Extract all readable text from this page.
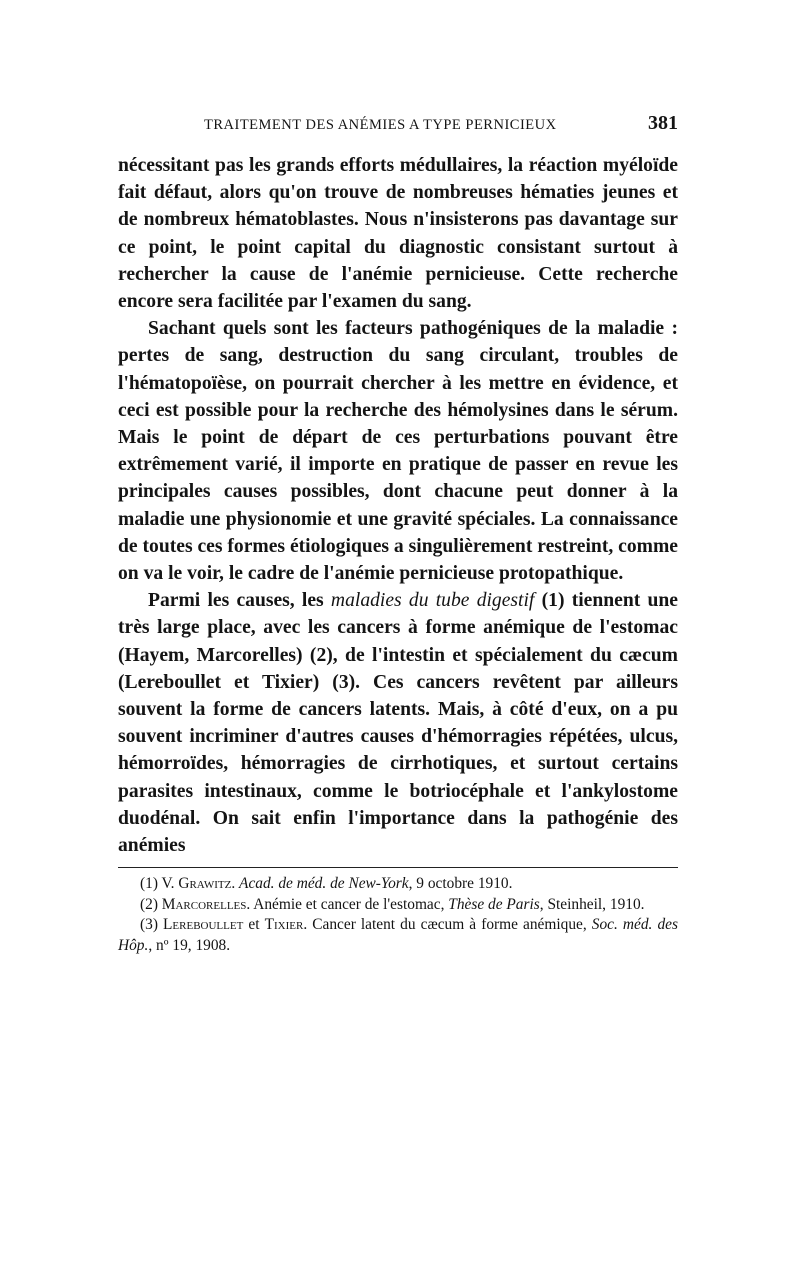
TRAITEMENT DES ANÉMIES A TYPE PERNICIEUX	381

nécessitant pas les grands efforts médullaires, la réaction myéloïde fait défaut, alors qu'on trouve de nombreuses hématies jeunes et de nombreux hématoblastes. Nous n'insisterons pas davantage sur ce point, le point capital du diagnostic consistant surtout à rechercher la cause de l'anémie pernicieuse. Cette recherche encore sera facilitée par l'examen du sang.

Sachant quels sont les facteurs pathogéniques de la maladie : pertes de sang, destruction du sang circulant, troubles de l'hématopoïèse, on pourrait chercher à les mettre en évidence, et ceci est possible pour la recherche des hémolysines dans le sérum. Mais le point de départ de ces perturbations pouvant être extrêmement varié, il importe en pratique de passer en revue les principales causes possibles, dont chacune peut donner à la maladie une physionomie et une gravité spéciales. La connaissance de toutes ces formes étiologiques a singulièrement restreint, comme on va le voir, le cadre de l'anémie pernicieuse protopathique.

Parmi les causes, les maladies du tube digestif (1) tiennent une très large place, avec les cancers à forme anémique de l'estomac (Hayem, Marcorelles) (2), de l'intestin et spécialement du cæcum (Lereboullet et Tixier) (3). Ces cancers revêtent par ailleurs souvent la forme de cancers latents. Mais, à côté d'eux, on a pu souvent incriminer d'autres causes d'hémorragies répétées, ulcus, hémorroïdes, hémorragies de cirrhotiques, et surtout certains parasites intestinaux, comme le botriocéphale et l'ankylostome duodénal. On sait enfin l'importance dans la pathogénie des anémies

(1) V. Grawitz. Acad. de méd. de New-York, 9 octobre 1910.

(2) Marcorelles. Anémie et cancer de l'estomac, Thèse de Paris, Steinheil, 1910.

(3) Lereboullet et Tixier. Cancer latent du cæcum à forme anémique, Soc. méd. des Hôp., nº 19, 1908.
